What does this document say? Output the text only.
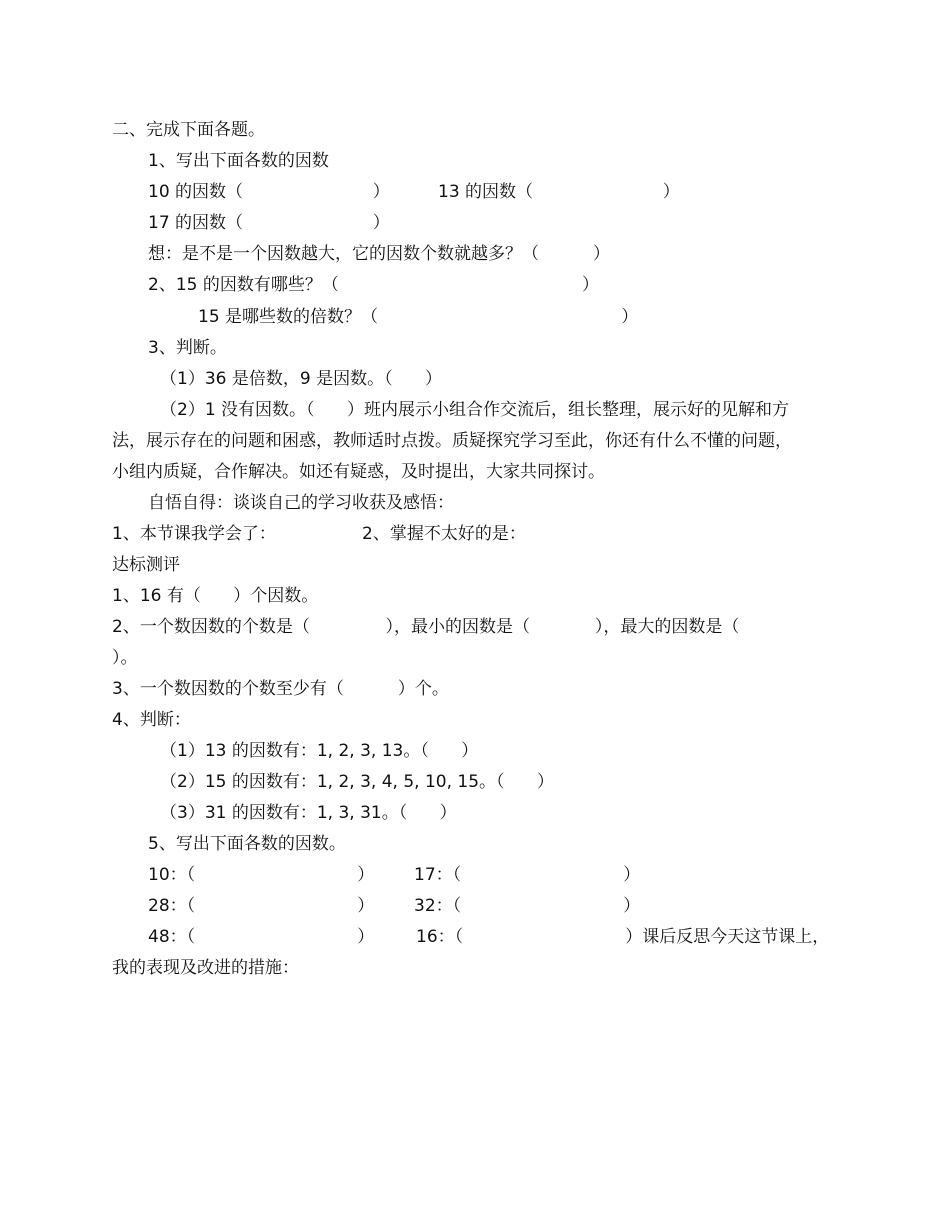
二、完成下面各题。
1、写出下面各数的因数
10 的因数（                        ）	13 的因数（                        ）
17 的因数（                        ）
想：是不是一个因数越大，它的因数个数就越多？（          ）
2、15 的因数有哪些？（                                             ）
15 是哪些数的倍数？（                                             ）
3、判断。
（1）36 是倍数，9 是因数。（      ）
（2）1 没有因数。（      ）班内展示小组合作交流后，组长整理，展示好的见解和方
法，展示存在的问题和困惑，教师适时点拨。质疑探究学习至此，你还有什么不懂的问题，
小组内质疑，合作解决。如还有疑惑，及时提出，大家共同探讨。
自悟自得：谈谈自己的学习收获及感悟：
1、本节课我学会了：	2、掌握不太好的是：
达标测评
1、16 有（      ）个因数。
2、一个数因数的个数是（              ），最小的因数是（            ），最大的因数是（
）。
3、一个数因数的个数至少有（          ）个。
4、判断：
（1）13 的因数有：1, 2, 3, 13。（      ）
（2）15 的因数有：1, 2, 3, 4, 5, 10, 15。（      ）
（3）31 的因数有：1, 3, 31。（      ）
5、写出下面各数的因数。
10：（                              ） 17：（                              ）
28：（                              ） 32：（                              ）
48：（                              ） 16：（                              ）课后反思今天这节课上，
我的表现及改进的措施：
